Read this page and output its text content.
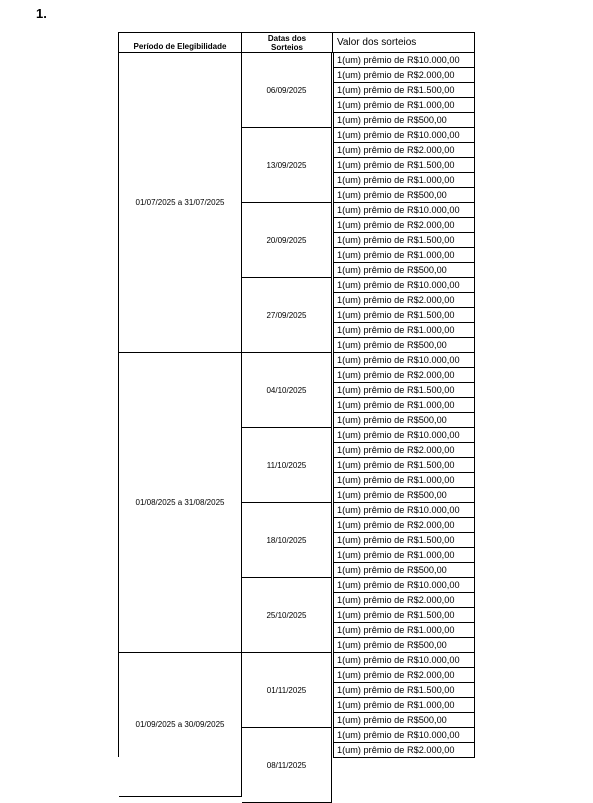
1.
Período de Elegibilidade
Datas dos
Sorteios	Valor dos sorteios
01/07/2025 a 31/07/2025
06/09/2025
1(um) prêmio de R$10.000,00
1(um) prêmio de R$2.000,00
1(um) prêmio de R$1.500,00
1(um) prêmio de R$1.000,00
1(um) prêmio de R$500,00
13/09/2025
1(um) prêmio de R$10.000,00
1(um) prêmio de R$2.000,00
1(um) prêmio de R$1.500,00
1(um) prêmio de R$1.000,00
1(um) prêmio de R$500,00
20/09/2025
1(um) prêmio de R$10.000,00
1(um) prêmio de R$2.000,00
1(um) prêmio de R$1.500,00
1(um) prêmio de R$1.000,00
1(um) prêmio de R$500,00
27/09/2025
1(um) prêmio de R$10.000,00
1(um) prêmio de R$2.000,00
1(um) prêmio de R$1.500,00
1(um) prêmio de R$1.000,00
1(um) prêmio de R$500,00
01/08/2025 a 31/08/2025
04/10/2025
1(um) prêmio de R$10.000,00
1(um) prêmio de R$2.000,00
1(um) prêmio de R$1.500,00
1(um) prêmio de R$1.000,00
1(um) prêmio de R$500,00
11/10/2025
1(um) prêmio de R$10.000,00
1(um) prêmio de R$2.000,00
1(um) prêmio de R$1.500,00
1(um) prêmio de R$1.000,00
1(um) prêmio de R$500,00
18/10/2025
1(um) prêmio de R$10.000,00
1(um) prêmio de R$2.000,00
1(um) prêmio de R$1.500,00
1(um) prêmio de R$1.000,00
1(um) prêmio de R$500,00
25/10/2025
1(um) prêmio de R$10.000,00
1(um) prêmio de R$2.000,00
1(um) prêmio de R$1.500,00
1(um) prêmio de R$1.000,00
1(um) prêmio de R$500,00
01/09/2025 a 30/09/2025
01/11/2025
1(um) prêmio de R$10.000,00
1(um) prêmio de R$2.000,00
1(um) prêmio de R$1.500,00
1(um) prêmio de R$1.000,00
1(um) prêmio de R$500,00
08/11/2025
1(um) prêmio de R$10.000,00
1(um) prêmio de R$2.000,00
